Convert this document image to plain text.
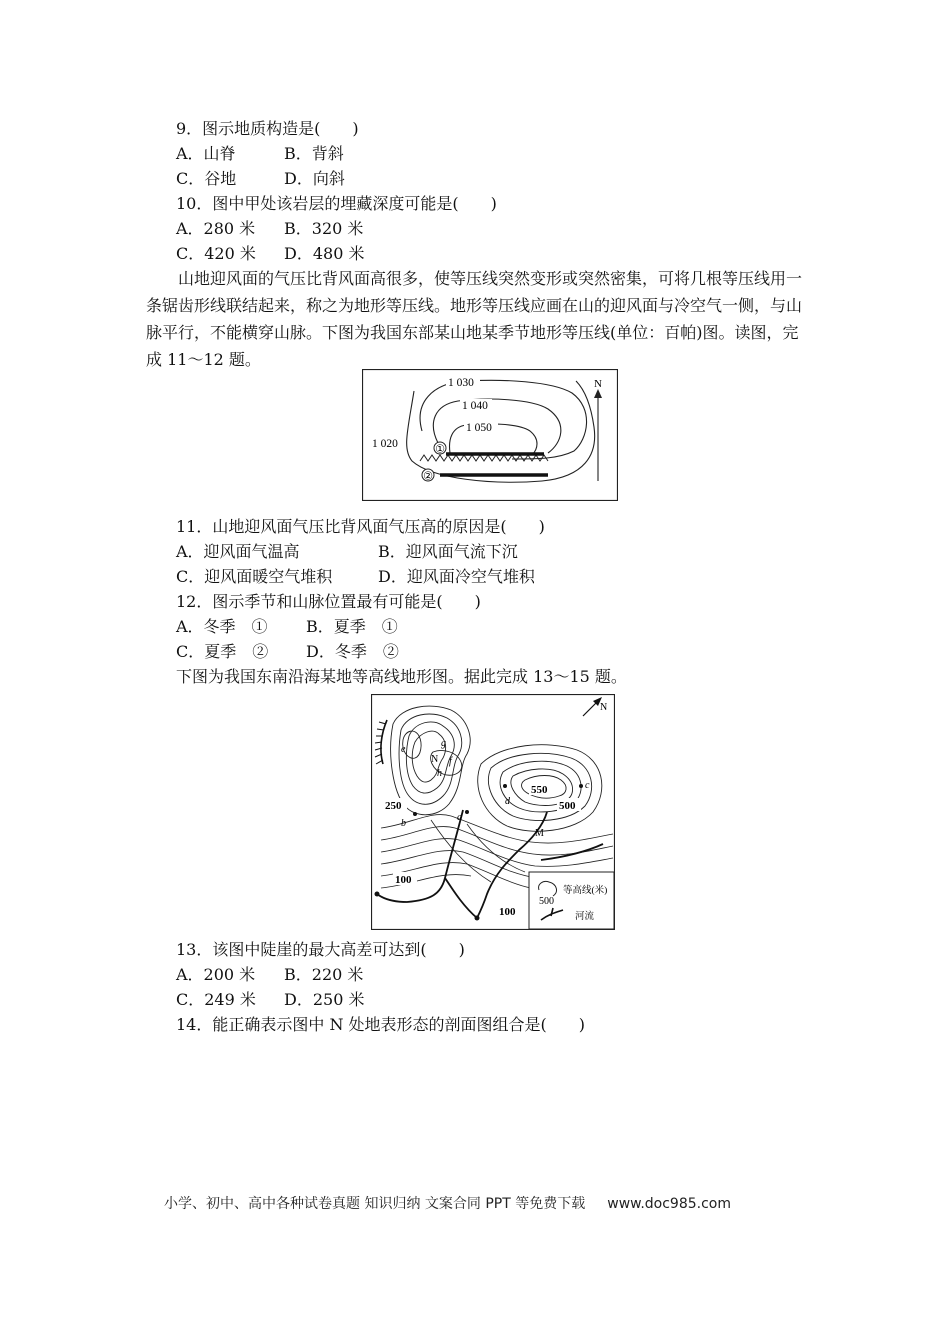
9．图示地质构造是(　　)
A．山脊	B．背斜
C．谷地	D．向斜
10．图中甲处该岩层的埋藏深度可能是(　　)
A．280 米 B．320 米
C．420 米 D．480 米

山地迎风面的气压比背风面高很多，使等压线突然变形或突然密集，可将几根等压线用一条锯齿形线联结起来，称之为地形等压线。地形等压线应画在山的迎风面与冷空气一侧，与山脉平行，不能横穿山脉。下图为我国东部某山地某季节地形等压线(单位：百帕)图。读图，完成 11～12 题。

①
②
1 030
1 040
1 050
1 020
N
11．山地迎风面气压比背风面气压高的原因是(　　)
A．迎风面气温高	B．迎风面气流下沉
C．迎风面暖空气堆积	D．迎风面冷空气堆积
12．图示季节和山脉位置最有可能是(　　)
A．冬季　① B．夏季　①
C．夏季　② D．冬季　②
下图为我国东南沿海某地等高线地形图。据此完成 13～15 题。
e
g
N f
h
c
d
b
a
M
550
500
250
100
100
N
500
等高线(米)
河流
13．该图中陡崖的最大高差可达到(　　)
A．200 米 B．220 米
C．249 米 D．250 米
14．能正确表示图中 N 处地表形态的剖面图组合是(　　)
小学、初中、高中各种试卷真题 知识归纳 文案合同 PPT 等免费下载 www.doc985.com
